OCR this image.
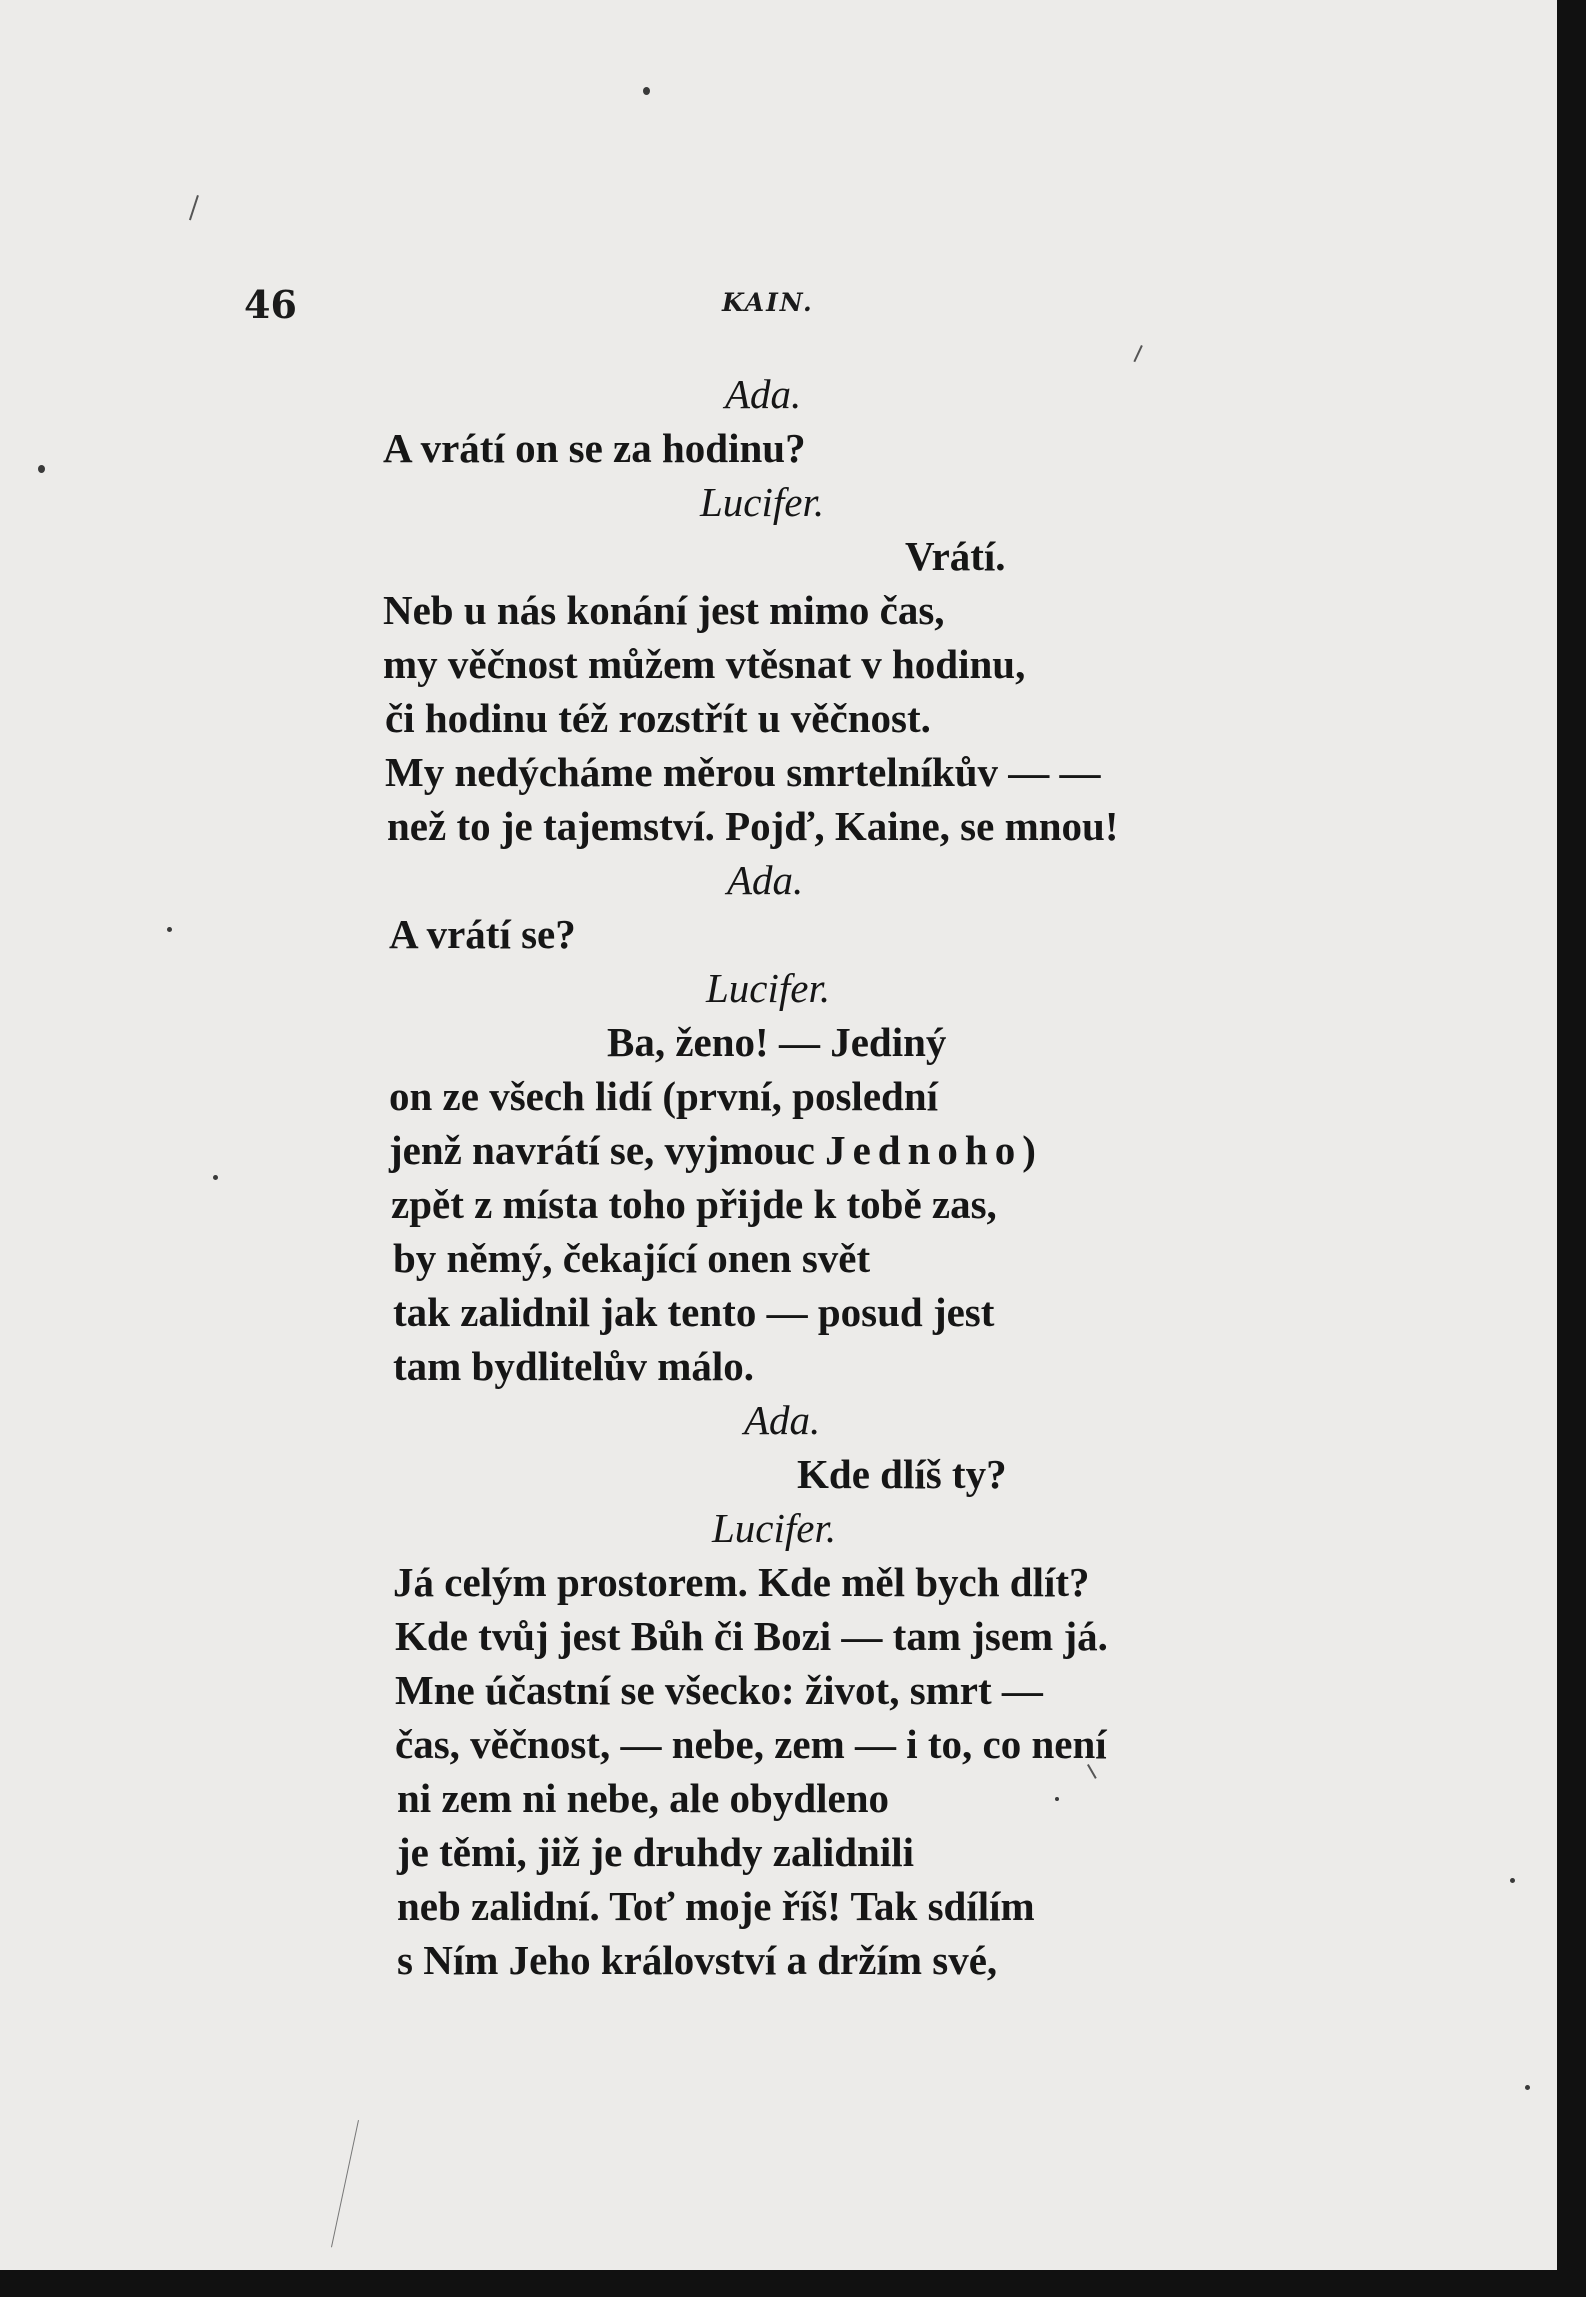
46	KAIN.
Ada.
A vrátí on se za hodinu?
Lucifer.
Vrátí.
Neb u nás konání jest mimo čas,
my věčnost můžem vtěsnat v hodinu,
či hodinu též rozstřít u věčnost.
My nedýcháme měrou smrtelníkův — —
než to je tajemství. Pojď, Kaine, se mnou!
Ada.
A vrátí se?
Lucifer.
Ba, ženo! — Jediný
on ze všech lidí (první, poslední
jenž navrátí se, vyjmouc Jednoho)
zpět z místa toho přijde k tobě zas,
by němý, čekající onen svět
tak zalidnil jak tento — posud jest
tam bydlitelův málo.
Ada.
Kde dlíš ty?
Lucifer.
Já celým prostorem. Kde měl bych dlít?
Kde tvůj jest Bůh či Bozi — tam jsem já.
Mne účastní se všecko: život, smrt —
čas, věčnost, — nebe, zem — i to, co není
ni zem ni nebe, ale obydleno
je těmi, již je druhdy zalidnili
neb zalidní. Toť moje říš! Tak sdílím
s Ním Jeho království a držím své,
